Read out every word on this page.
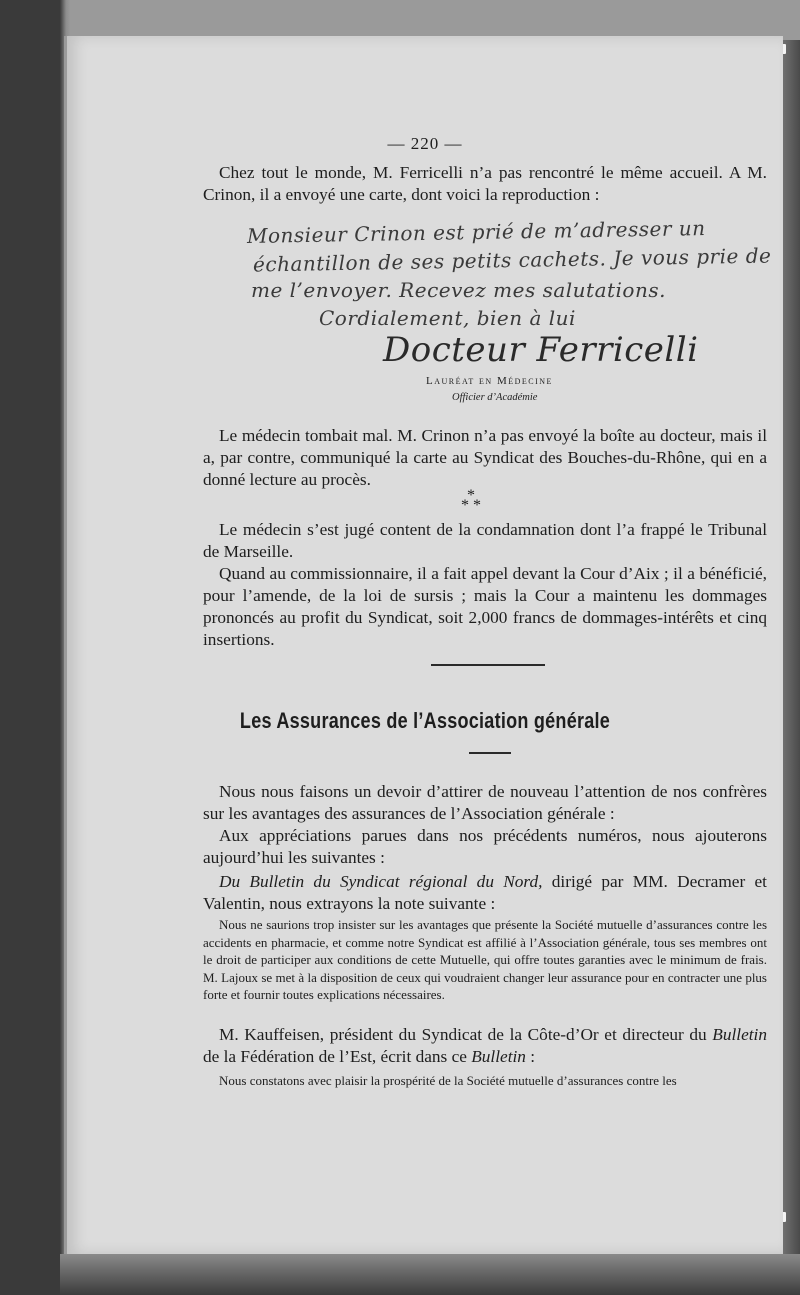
— 220 —

Chez tout le monde, M. Ferricelli n’a pas rencontré le même accueil. A M. Crinon, il a envoyé une carte, dont voici la reproduction :

Monsieur Crinon est prié de m’adresser un
échantillon de ses petits cachets. Je vous prie de
me l’envoyer. Recevez mes salutations.
Cordialement, bien à lui
Docteur Ferricelli
Lauréat en Médecine
Officier d’Académie

Le médecin tombait mal. M. Crinon n’a pas envoyé la boîte au docteur, mais il a, par contre, communiqué la carte au Syndicat des Bouches-du-Rhône, qui en a donné lecture au procès.

*
* *

Le médecin s’est jugé content de la condamnation dont l’a frappé le Tribunal de Marseille.

Quand au commissionnaire, il a fait appel devant la Cour d’Aix ; il a bénéficié, pour l’amende, de la loi de sursis ; mais la Cour a maintenu les dommages prononcés au profit du Syndicat, soit 2,000 francs de dommages-intérêts et cinq insertions.

Les Assurances de l’Association générale

Nous nous faisons un devoir d’attirer de nouveau l’attention de nos confrères sur les avantages des assurances de l’Association générale :

Aux appréciations parues dans nos précédents numéros, nous ajouterons aujourd’hui les suivantes :

Du Bulletin du Syndicat régional du Nord, dirigé par MM. Decramer et Valentin, nous extrayons la note suivante :

Nous ne saurions trop insister sur les avantages que présente la Société mutuelle d’assurances contre les accidents en pharmacie, et comme notre Syndicat est affilié à l’Association générale, tous ses membres ont le droit de participer aux conditions de cette Mutuelle, qui offre toutes garanties avec le minimum de frais. M. Lajoux se met à la disposition de ceux qui voudraient changer leur assurance pour en contracter une plus forte et fournir toutes explications nécessaires.

M. Kauffeisen, président du Syndicat de la Côte-d’Or et directeur du Bulletin de la Fédération de l’Est, écrit dans ce Bulletin :

Nous constatons avec plaisir la prospérité de la Société mutuelle d’assurances contre les
